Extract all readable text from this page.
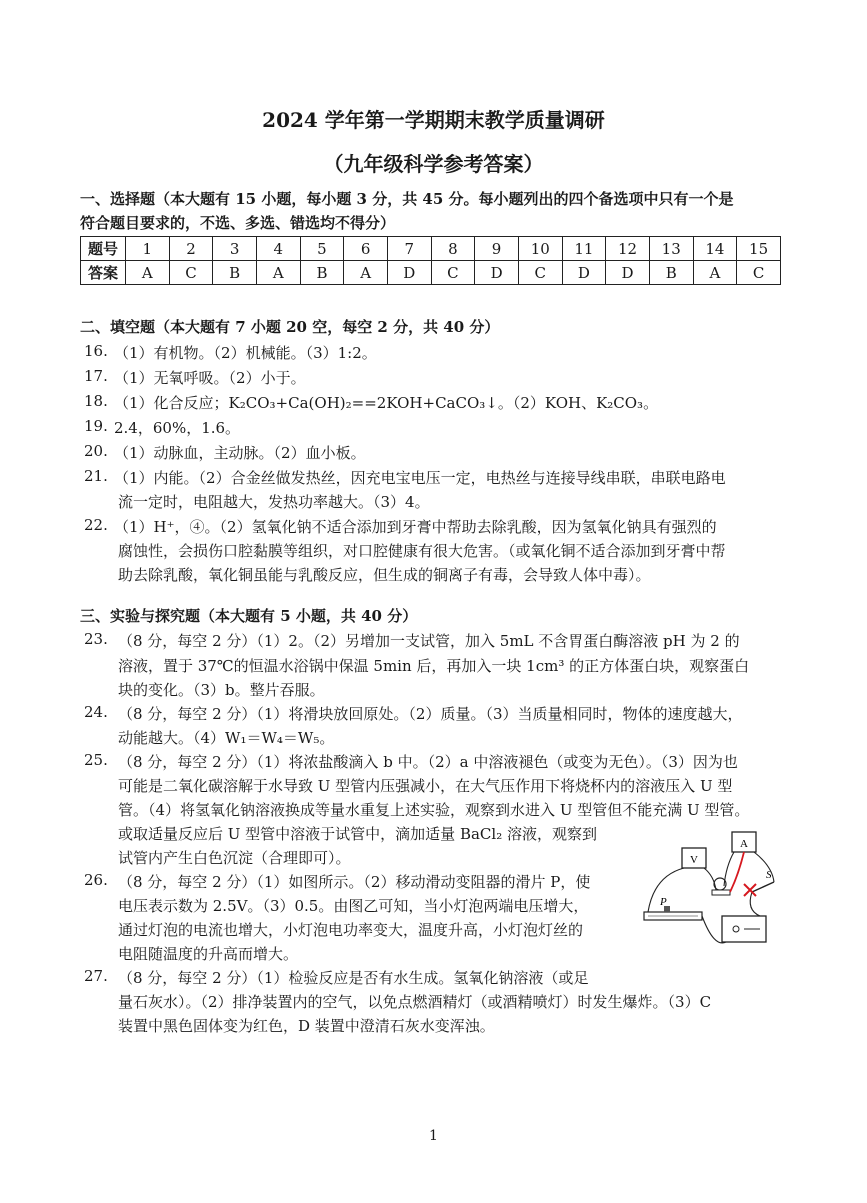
2024 学年第一学期期末教学质量调研
（九年级科学参考答案）
一、选择题（本大题有 15 小题，每小题 3 分，共 45 分。每小题列出的四个备选项中只有一个是
符合题目要求的，不选、多选、错选均不得分）
题号	1	2	3	4	5	6	7	8	9	10	11	12	13	14	15
答案	A	C	B	A	B	A	D	C	D	C	D	D	B	A	C
二、填空题（本大题有 7 小题 20 空，每空 2 分，共 40 分）
16. （1）有机物。（2）机械能。（3）1:2。
17. （1）无氧呼吸。（2）小于。
18. （1）化合反应；K₂CO₃+Ca(OH)₂==2KOH+CaCO₃↓。（2）KOH、K₂CO₃。
19. 2.4，60%，1.6。
20. （1）动脉血，主动脉。（2）血小板。
21. （1）内能。（2）合金丝做发热丝，因充电宝电压一定，电热丝与连接导线串联，串联电路电
流一定时，电阻越大，发热功率越大。（3）4。
22. （1）H⁺，④。（2）氢氧化钠不适合添加到牙膏中帮助去除乳酸，因为氢氧化钠具有强烈的
腐蚀性，会损伤口腔黏膜等组织，对口腔健康有很大危害。（或氧化铜不适合添加到牙膏中帮
助去除乳酸，氧化铜虽能与乳酸反应，但生成的铜离子有毒，会导致人体中毒）。
三、实验与探究题（本大题有 5 小题，共 40 分）
23. （8 分，每空 2 分）（1）2。（2）另增加一支试管，加入 5mL 不含胃蛋白酶溶液 pH 为 2 的
溶液，置于 37℃的恒温水浴锅中保温 5min 后，再加入一块 1cm³ 的正方体蛋白块，观察蛋白
块的变化。（3）b。整片吞服。
24. （8 分，每空 2 分）（1）将滑块放回原处。（2）质量。（3）当质量相同时，物体的速度越大，
动能越大。（4）W₁＝W₄＝W₅。
25. （8 分，每空 2 分）（1）将浓盐酸滴入 b 中。（2）a 中溶液褪色（或变为无色）。（3）因为也
可能是二氧化碳溶解于水导致 U 型管内压强减小，在大气压作用下将烧杯内的溶液压入 U 型
管。（4）将氢氧化钠溶液换成等量水重复上述实验，观察到水进入 U 型管但不能充满 U 型管。
或取适量反应后 U 型管中溶液于试管中，滴加适量 BaCl₂ 溶液，观察到
试管内产生白色沉淀（合理即可）。
26. （8 分，每空 2 分）（1）如图所示。（2）移动滑动变阻器的滑片 P，使
电压表示数为 2.5V。（3）0.5。由图乙可知，当小灯泡两端电压增大，
通过灯泡的电流也增大，小灯泡电功率变大，温度升高，小灯泡灯丝的
电阻随温度的升高而增大。
27. （8 分，每空 2 分）（1）检验反应是否有水生成。氢氧化钠溶液（或足
量石灰水）。（2）排净装置内的空气，以免点燃酒精灯（或酒精喷灯）时发生爆炸。（3）C
装置中黑色固体变为红色，D 装置中澄清石灰水变浑浊。
V
A
S
P
1
